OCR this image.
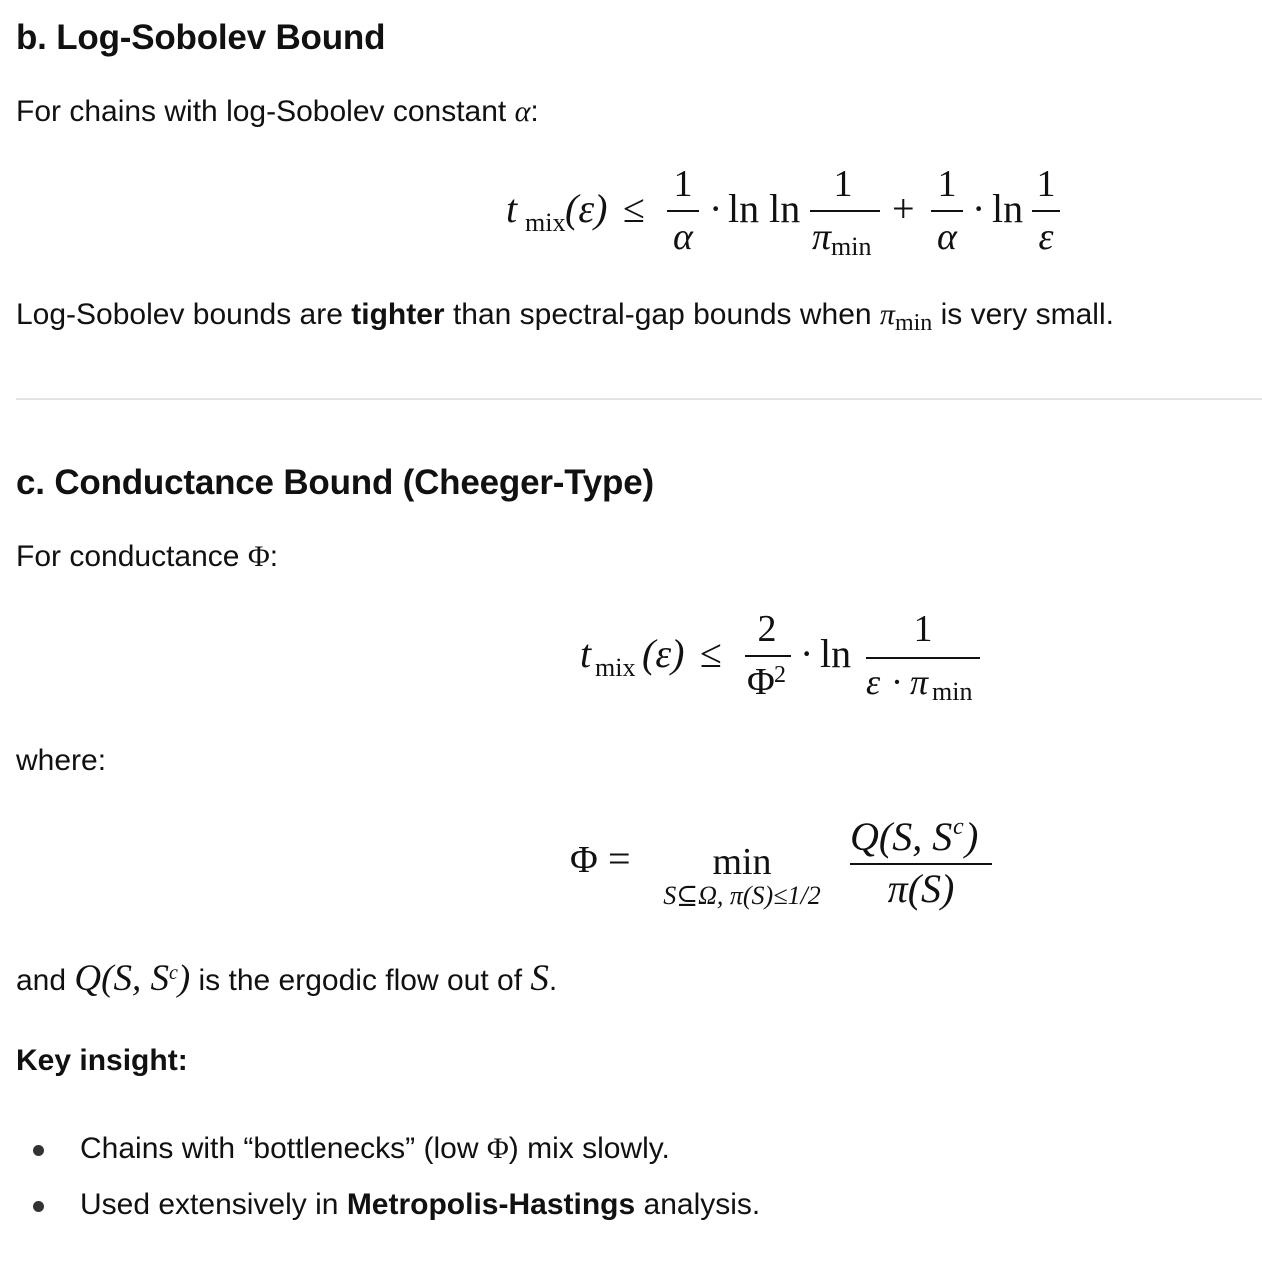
b. Log-Sobolev Bound
For chains with log-Sobolev constant α:
t mix (ε) ≤
1
α
· ln ln
1
π min
+
1
α
· ln
1
ε
Log-Sobolev bounds are tighter than spectral-gap bounds when $\pi_{min}$ is very small.
c. Conductance Bound (Cheeger-Type)
For conductance Φ:
t mix (ε) ≤
2
Φ 2 · ln
1
ε · π min
where:
Φ = min
S⊆Ω, π(S)≤1/2
Q(S, S c )
π(S)
and Q(S, $S^c$) is the ergodic flow out of S.
Key insight:
Chains with “bottlenecks” (low Φ) mix slowly.
Used extensively in Metropolis-Hastings analysis.
